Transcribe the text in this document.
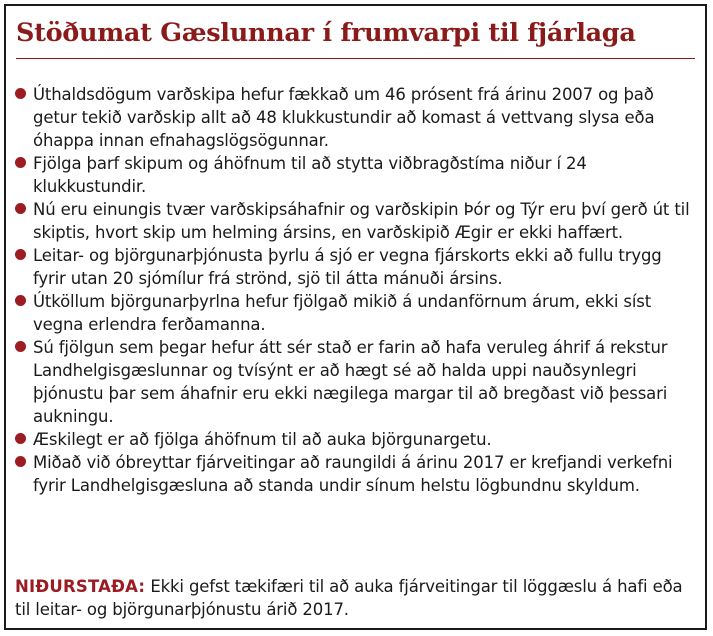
Stöðumat Gæslunnar í frumvarpi til fjárlaga
Úthaldsdögum varðskipa hefur fækkað um 46 prósent frá árinu 2007 og það getur tekið varðskip allt að 48 klukkustundir að komast á vettvang slysa eða óhappa innan efnahagslögsögunnar.
Fjölga þarf skipum og áhöfnum til að stytta viðbragðstíma niður í 24 klukkustundir.
Nú eru einungis tvær varðskipsáhafnir og varðskipin Þór og Týr eru því gerð út til skiptis, hvort skip um helming ársins, en varðskipið Ægir er ekki haffært.
Leitar- og björgunarþjónusta þyrlu á sjó er vegna fjárskorts ekki að fullu trygg fyrir utan 20 sjómílur frá strönd, sjö til átta mánuði ársins.
Útköllum björgunarþyrlna hefur fjölgað mikið á undanförnum árum, ekki síst vegna erlendra ferðamanna.
Sú fjölgun sem þegar hefur átt sér stað er farin að hafa veruleg áhrif á rekstur Landhelgisgæslunnar og tvísýnt er að hægt sé að halda uppi nauðsynlegri þjónustu þar sem áhafnir eru ekki nægilega margar til að bregðast við þessari aukningu.
Æskilegt er að fjölga áhöfnum til að auka björgunargetu.
Miðað við óbreyttar fjárveitingar að raungildi á árinu 2017 er krefjandi verkefni fyrir Landhelgisgæsluna að standa undir sínum helstu lögbundnu skyldum.

NIÐURSTAÐA: Ekki gefst tækifæri til að auka fjárveitingar til löggæslu á hafi eða til leitar- og björgunarþjónustu árið 2017.
